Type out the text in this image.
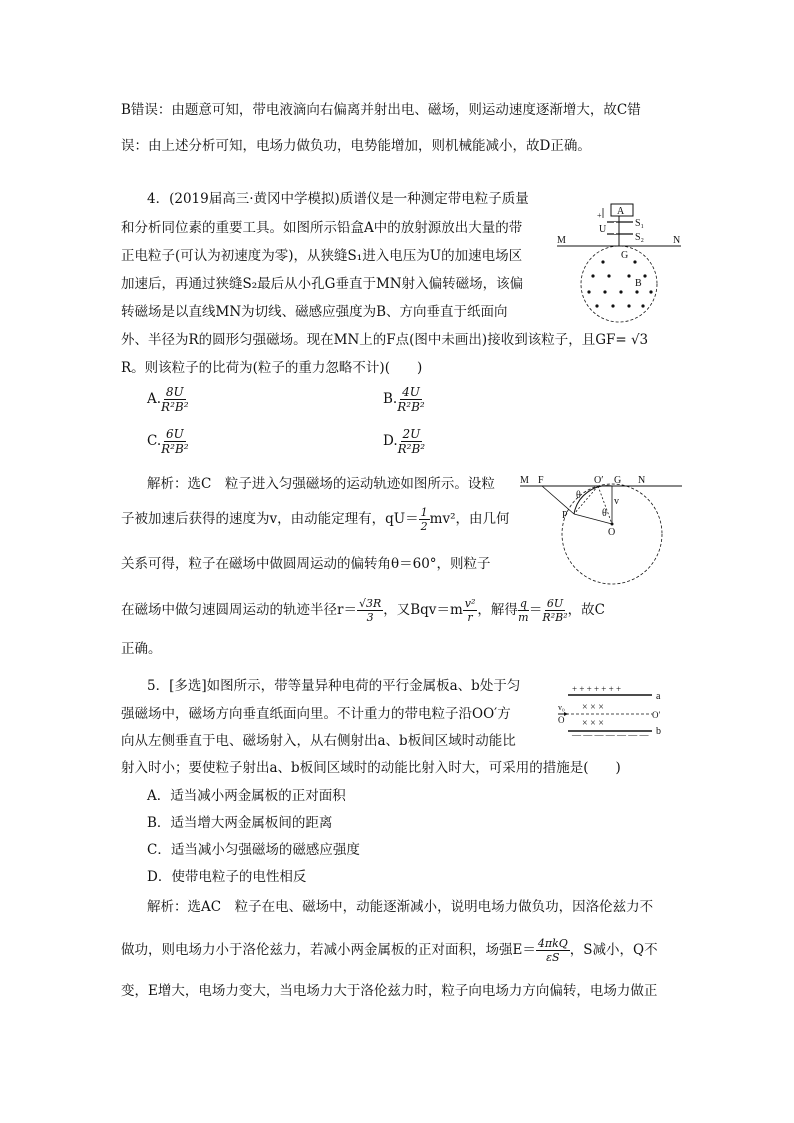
B错误：由题意可知，带电液滴向右偏离并射出电、磁场，则运动速度逐渐增大，故C错
误：由上述分析可知，电场力做负功，电势能增加，则机械能减小，故D正确。
4．(2019届高三·黄冈中学模拟)质谱仪是一种测定带电粒子质量
和分析同位素的重要工具。如图所示铅盒A中的放射源放出大量的带
正电粒子(可认为初速度为零)，从狭缝S₁进入电压为U的加速电场区
加速后，再通过狭缝S₂最后从小孔G垂直于MN射入偏转磁场，该偏
转磁场是以直线MN为切线、磁感应强度为B、方向垂直于纸面向
外、半径为R的圆形匀强磁场。现在MN上的F点(图中未画出)接收到该粒子，且GF= √3
R。则该粒子的比荷为(粒子的重力忽略不计)(　　)
A
S₁
S₂
U
+
M	N
G
B
A. $\frac{8U}{\text{R²B²}}$	B. $\frac{4U}{\text{R²B²}}$
C. $\frac{6U}{\text{R²B²}}$	D. $\frac{2U}{\text{R²B²}}$
解析：选C　粒子进入匀强磁场的运动轨迹如图所示。设粒
子被加速后获得的速度为v，由动能定理有，$qU= \frac{1}{2} mv^2$，由几何
关系可得，粒子在磁场中做圆周运动的偏转角θ＝60°，则粒子
在磁场中做匀速圆周运动的轨迹半径$r= \frac{√3R}{3}$ ，又$Bqv=m \frac{\text{v²}}{r}$ ，解得 $\frac{q}{m} = \frac{6U}{\text{R²B²}}$ ，故C
正确。
M F	O′ G N
θ
v
P	θ
O
5．[多选]如图所示，带等量异种电荷的平行金属板a、b处于匀
强磁场中，磁场方向垂直纸面向里。不计重力的带电粒子沿OO′方
向从左侧垂直于电、磁场射入，从右侧射出a、b板间区域时动能比
射入时小；要使粒子射出a、b板间区域时的动能比射入时大，可采用的措施是(　　)
+ + + + + + +
a
× × ×
v₀
O	O′
× × ×
— — — — — — — b
A．适当减小两金属板的正对面积
B．适当增大两金属板间的距离
C．适当减小匀强磁场的磁感应强度
D．使带电粒子的电性相反
解析：选AC　粒子在电、磁场中，动能逐渐减小，说明电场力做负功，因洛伦兹力不
做功，则电场力小于洛伦兹力，若减小两金属板的正对面积，场强$E= \frac{\text{4πkQ}}{\varepsilon S}$ ，S减小，Q不
变，E增大，电场力变大，当电场力大于洛伦兹力时，粒子向电场力方向偏转，电场力做正
